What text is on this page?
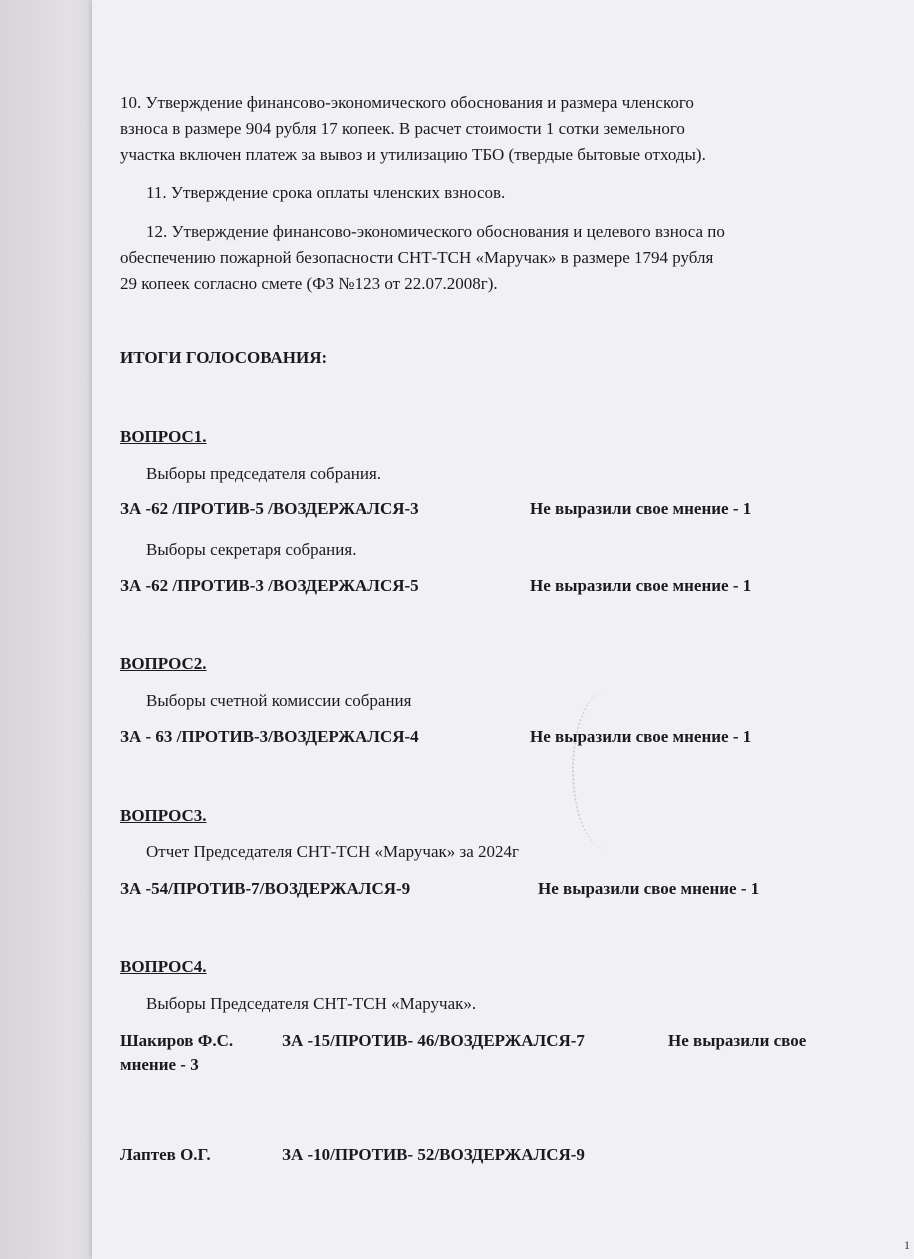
10. Утверждение финансово-экономического обоснования и размера членского
взноса в размере 904 рубля 17 копеек. В расчет стоимости 1 сотки земельного
участка включен платеж за вывоз и утилизацию ТБО (твердые бытовые отходы).
11. Утверждение срока оплаты членских взносов.
12. Утверждение финансово-экономического обоснования и целевого взноса по
обеспечению пожарной безопасности СНТ-ТСН «Маручак» в размере 1794 рубля
29 копеек согласно смете (ФЗ №123 от 22.07.2008г).
ИТОГИ ГОЛОСОВАНИЯ:
ВОПРОС1.
Выборы председателя собрания.
ЗА -62 /ПРОТИВ-5 /ВОЗДЕРЖАЛСЯ-3	Не выразили свое мнение - 1
Выборы секретаря собрания.
ЗА -62 /ПРОТИВ-3 /ВОЗДЕРЖАЛСЯ-5	Не выразили свое мнение - 1
ВОПРОС2.
Выборы счетной комиссии собрания
ЗА - 63 /ПРОТИВ-3/ВОЗДЕРЖАЛСЯ-4	Не выразили свое мнение - 1
ВОПРОС3.
Отчет Председателя СНТ-ТСН «Маручак» за 2024г
ЗА -54/ПРОТИВ-7/ВОЗДЕРЖАЛСЯ-9	Не выразили свое мнение - 1
ВОПРОС4.
Выборы Председателя СНТ-ТСН «Маручак».
Шакиров Ф.С.	ЗА -15/ПРОТИВ- 46/ВОЗДЕРЖАЛСЯ-7	Не выразили свое
мнение - 3
Лаптев О.Г.	ЗА -10/ПРОТИВ- 52/ВОЗДЕРЖАЛСЯ-9
1
